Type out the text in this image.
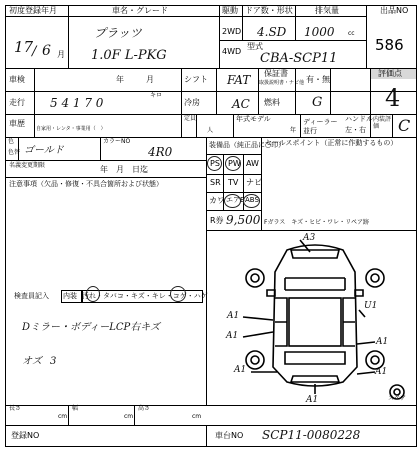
初度登録年月
17
/ 6 月
車名・グレード
プラッツ
1.0F L-PKG
駆動
2WD
4WD
ドア数・形状
4.SD
排気量
1000 cc
型式
CBA-SCP11
出品NO
586
車検	年	月	シフト FAT 保証書
取扱説明書・ナビ他 有・無
評価点
4
走行 5 4 1 7 0
キロ
冷房	AC 燃料 G
車歴
自家用・レンタ・事業用（　）
定員
人
年式モデル
年
ディーラー並行
ハンドル
左・右
内装評価	C
色
色替 ゴールド
カラーNO
4R0
名義変更期限	年　月　日迄
注意事項（欠品・修復・不具合箇所および状態）
装備品（純正品に○印）
セールスポイント（正常に作動するもの）
PS PW AW
SR TV ナビ
カワ エアB ABS
R券 9,500 Fガラス　キズ・ヒビ・ワレ・リペア跡
検査員記入 内装 汚れ・タバコ・キズ・キレ・コゲ・ハゲ
Dミラー・ボディーLCP右キズ
オズ 3
A3
A1
A1
A1
U1
A1
A1
A1	スペア
長さ
cm
幅
cm
高さ
cm
登録NO	車台NO SCP11-0080228
